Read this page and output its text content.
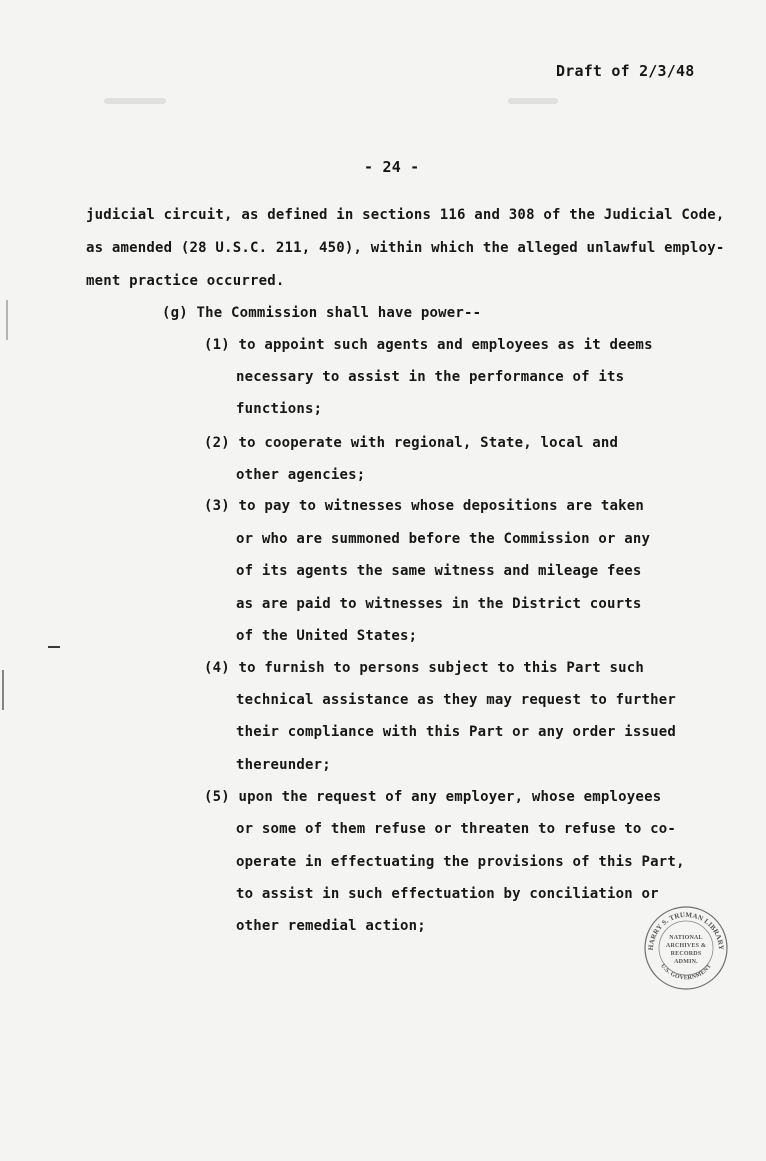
Draft of 2/3/48
- 24 -
judicial circuit, as defined in sections 116 and 308 of the Judicial Code,
as amended (28 U.S.C. 211, 450), within which the alleged unlawful employ-
ment practice occurred.
(g) The Commission shall have power--
(1) to appoint such agents and employees as it deems
necessary to assist in the performance of its
functions;
(2) to cooperate with regional, State, local and
other agencies;
(3) to pay to witnesses whose depositions are taken
or who are summoned before the Commission or any
of its agents the same witness and mileage fees
as are paid to witnesses in the District courts
of the United States;
(4) to furnish to persons subject to this Part such
technical assistance as they may request to further
their compliance with this Part or any order issued
thereunder;
(5) upon the request of any employer, whose employees
or some of them refuse or threaten to refuse to co-
operate in effectuating the provisions of this Part,
to assist in such effectuation by conciliation or
other remedial action;
HARRY S. TRUMAN LIBRARY
U.S. GOVERNMENT
NATIONAL
ARCHIVES &
RECORDS
ADMIN.
